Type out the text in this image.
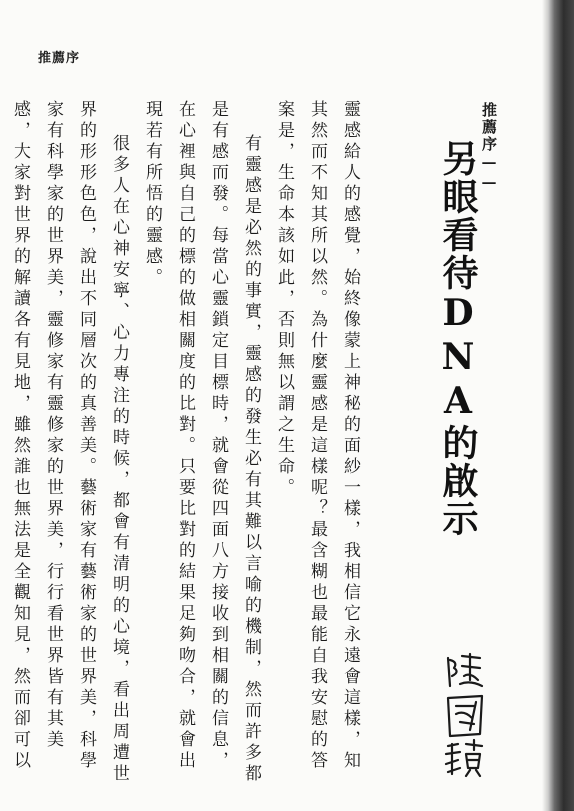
推薦序
推薦序——
另眼看待DNA的啟示

靈感給人的感覺，始終像蒙上神秘的面紗一樣，我相信它永遠會這樣，知其然而不知其所以然。為什麼靈感是這樣呢？最含糊也最能自我安慰的答案是，生命本該如此，否則無以謂之生命。

有靈感是必然的事實，靈感的發生必有其難以言喻的機制，然而許多都是有感而發。每當心靈鎖定目標時，就會從四面八方接收到相關的信息，在心裡與自己的標的做相關度的比對。只要比對的結果足夠吻合，就會出現若有所悟的靈感。

很多人在心神安寧、心力專注的時候，都會有清明的心境，看出周遭世界的形形色色，說出不同層次的真善美。藝術家有藝術家的世界美，科學家有科學家的世界美，靈修家有靈修家的世界美，行行看世界皆有其美感，大家對世界的解讀各有見地，雖然誰也無法是全觀知見，然而卻可以
